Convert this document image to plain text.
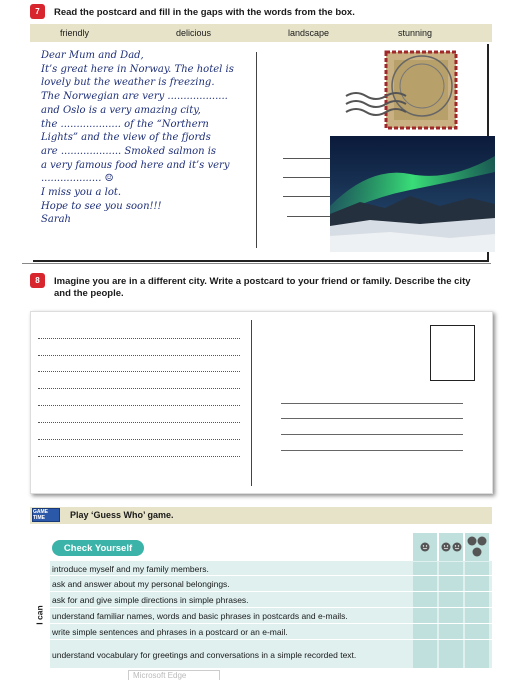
7	Read the postcard and fill in the gaps with the words from the box.
friendly	delicious	landscape	stunning
Dear Mum and Dad,
It’s great here in Norway. The hotel is
lovely but the weather is freezing.
The Norwegian are very ...................
and Oslo is a very amazing city,
the ................... of the “Northern
Lights” and the view of the fjords
are ................... Smoked salmon is
a very famous food here and it’s very
................... ☺
I miss you a lot.
Hope to see you soon!!!
Sarah
8	Imagine you are in a different city. Write a postcard to your friend or family. Describe the city and the people.
GAME TIME	Play ‘Guess Who’ game.
Check Yourself
I can
introduce myself and my family members.
ask and answer about my personal belongings.
ask for and give simple directions in simple phrases.
understand familiar names, words and basic phrases in postcards and e-mails.
write simple sentences and phrases in a postcard or an e-mail.
understand vocabulary for greetings and conversations in a simple recorded text.
Microsoft Edge
